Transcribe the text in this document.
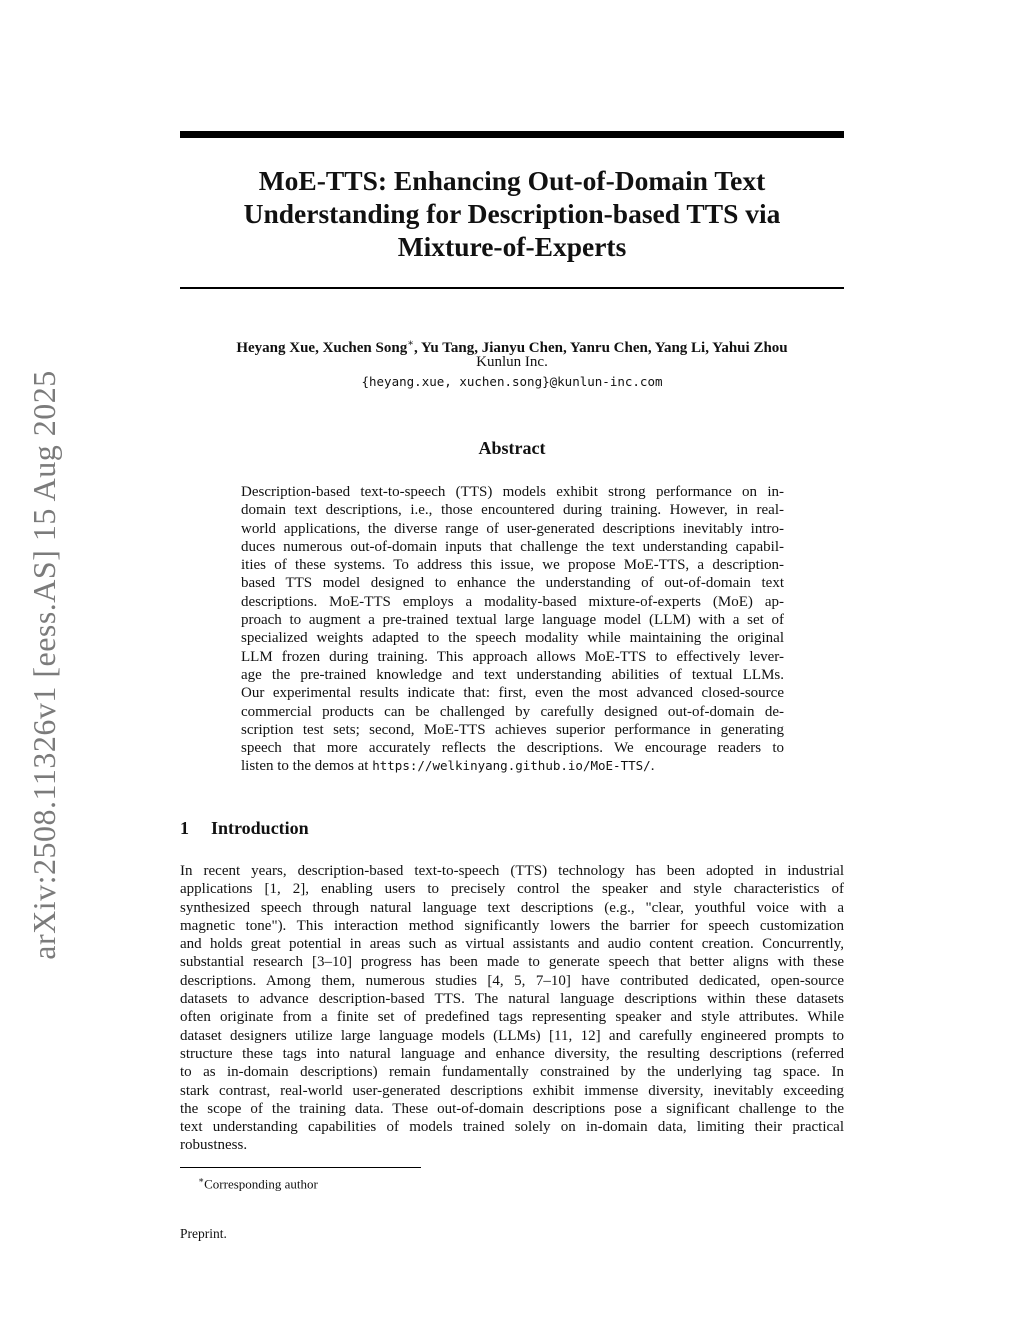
arXiv:2508.11326v1 [eess.AS] 15 Aug 2025
MoE-TTS: Enhancing Out-of-Domain Text
Understanding for Description-based TTS via
Mixture-of-Experts
Heyang Xue, Xuchen Song∗, Yu Tang, Jianyu Chen, Yanru Chen, Yang Li, Yahui Zhou
Kunlun Inc.
{heyang.xue, xuchen.song}@kunlun-inc.com
Abstract
Description-based text-to-speech (TTS) models exhibit strong performance on in-
domain text descriptions, i.e., those encountered during training. However, in real-
world applications, the diverse range of user-generated descriptions inevitably intro-
duces numerous out-of-domain inputs that challenge the text understanding capabil-
ities of these systems. To address this issue, we propose MoE-TTS, a description-
based TTS model designed to enhance the understanding of out-of-domain text
descriptions. MoE-TTS employs a modality-based mixture-of-experts (MoE) ap-
proach to augment a pre-trained textual large language model (LLM) with a set of
specialized weights adapted to the speech modality while maintaining the original
LLM frozen during training. This approach allows MoE-TTS to effectively lever-
age the pre-trained knowledge and text understanding abilities of textual LLMs.
Our experimental results indicate that: first, even the most advanced closed-source
commercial products can be challenged by carefully designed out-of-domain de-
scription test sets; second, MoE-TTS achieves superior performance in generating
speech that more accurately reflects the descriptions. We encourage readers to
listen to the demos at https://welkinyang.github.io/MoE-TTS/.
1 Introduction
In recent years, description-based text-to-speech (TTS) technology has been adopted in industrial
applications [1, 2], enabling users to precisely control the speaker and style characteristics of
synthesized speech through natural language text descriptions (e.g., "clear, youthful voice with a
magnetic tone"). This interaction method significantly lowers the barrier for speech customization
and holds great potential in areas such as virtual assistants and audio content creation. Concurrently,
substantial research [3–10] progress has been made to generate speech that better aligns with these
descriptions. Among them, numerous studies [4, 5, 7–10] have contributed dedicated, open-source
datasets to advance description-based TTS. The natural language descriptions within these datasets
often originate from a finite set of predefined tags representing speaker and style attributes. While
dataset designers utilize large language models (LLMs) [11, 12] and carefully engineered prompts to
structure these tags into natural language and enhance diversity, the resulting descriptions (referred
to as in-domain descriptions) remain fundamentally constrained by the underlying tag space. In
stark contrast, real-world user-generated descriptions exhibit immense diversity, inevitably exceeding
the scope of the training data. These out-of-domain descriptions pose a significant challenge to the
text understanding capabilities of models trained solely on in-domain data, limiting their practical
robustness.
∗Corresponding author
Preprint.
